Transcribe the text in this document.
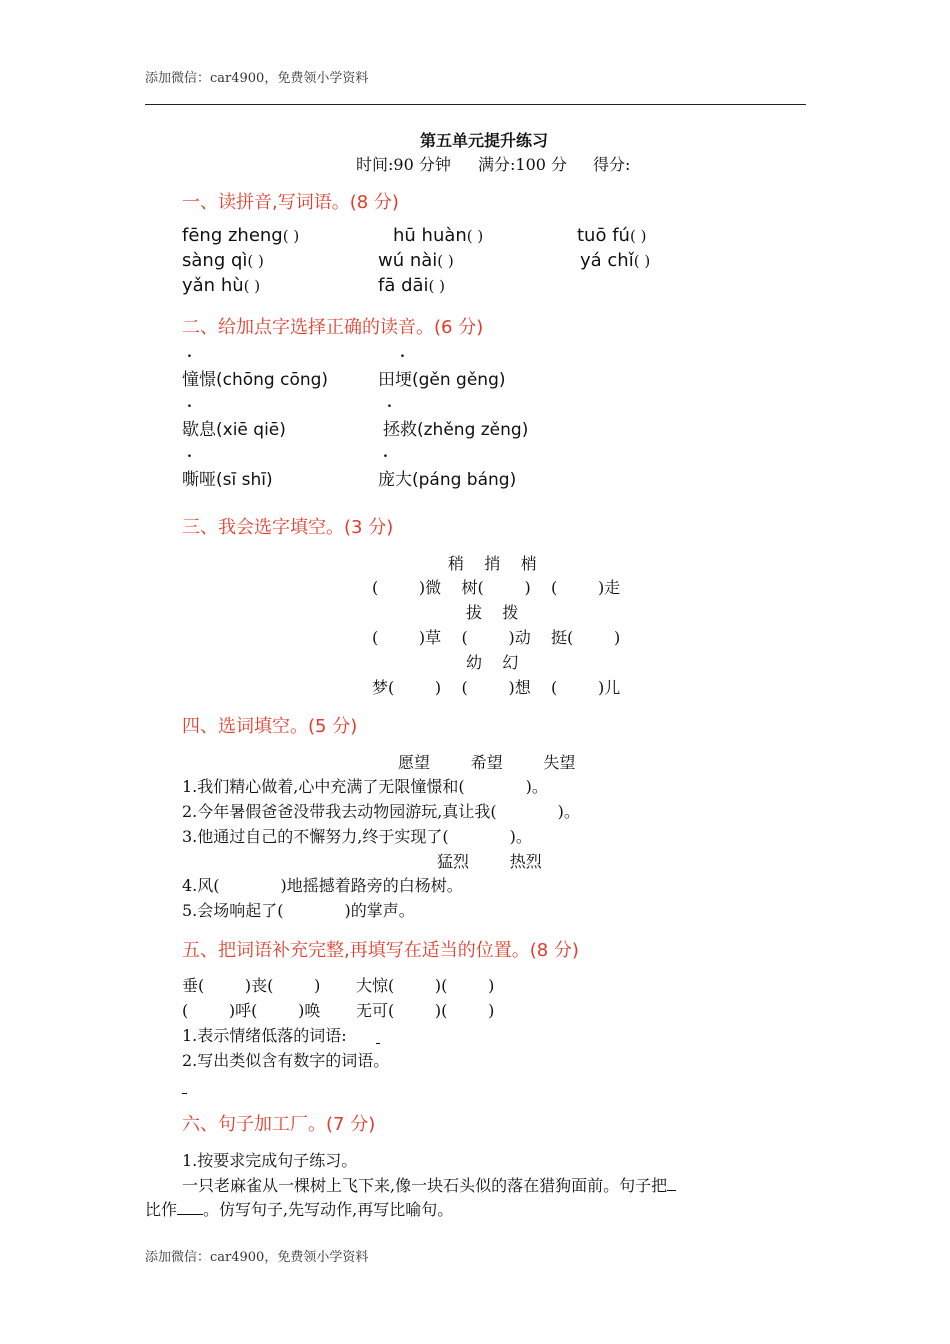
添加微信：car4900，免费领小学资料
第五单元提升练习
时间:90 分钟 满分:100 分 得分:
一、读拼音,写词语。(8 分)
fēng zheng( )	hū huàn( )	tuō fú( )
sàng qì( )	wú nài( )	yá chǐ( )
yǎn hù( )	fā dāi( )
二、给加点字选择正确的读音。(6 分)
.	.
憧憬(chōng cōng)	田埂(gěn gěng)
.	.
歇息(xiē qiē)	拯救(zhěng zěng)
.	.
嘶哑(sī shī)	庞大(páng báng)
三、我会选字填空。(3 分)
稍    捎    梢
(        )微    树(        )    (        )走
拔    拨
(        )草    (        )动    挺(        )
幼    幻
梦(        )    (        )想    (        )儿
四、选词填空。(5 分)
愿望        希望        失望
1.我们精心做着,心中充满了无限憧憬和(            )。
2.今年暑假爸爸没带我去动物园游玩,真让我(            )。
3.他通过自己的不懈努力,终于实现了(            )。
猛烈        热烈
4.风(            )地摇撼着路旁的白杨树。
5.会场响起了(            )的掌声。
五、把词语补充完整,再填写在适当的位置。(8 分)
垂(        )丧(        ) 大惊(        )(        )
(        )呼(        )唤 无可(        )(        )
1.表示情绪低落的词语:
2.写出类似含有数字的词语。
六、句子加工厂。(7 分)
1.按要求完成句子练习。
一只老麻雀从一棵树上飞下来,像一块石头似的落在猎狗面前。句子把
比作 。仿写句子,先写动作,再写比喻句。
添加微信：car4900，免费领小学资料
